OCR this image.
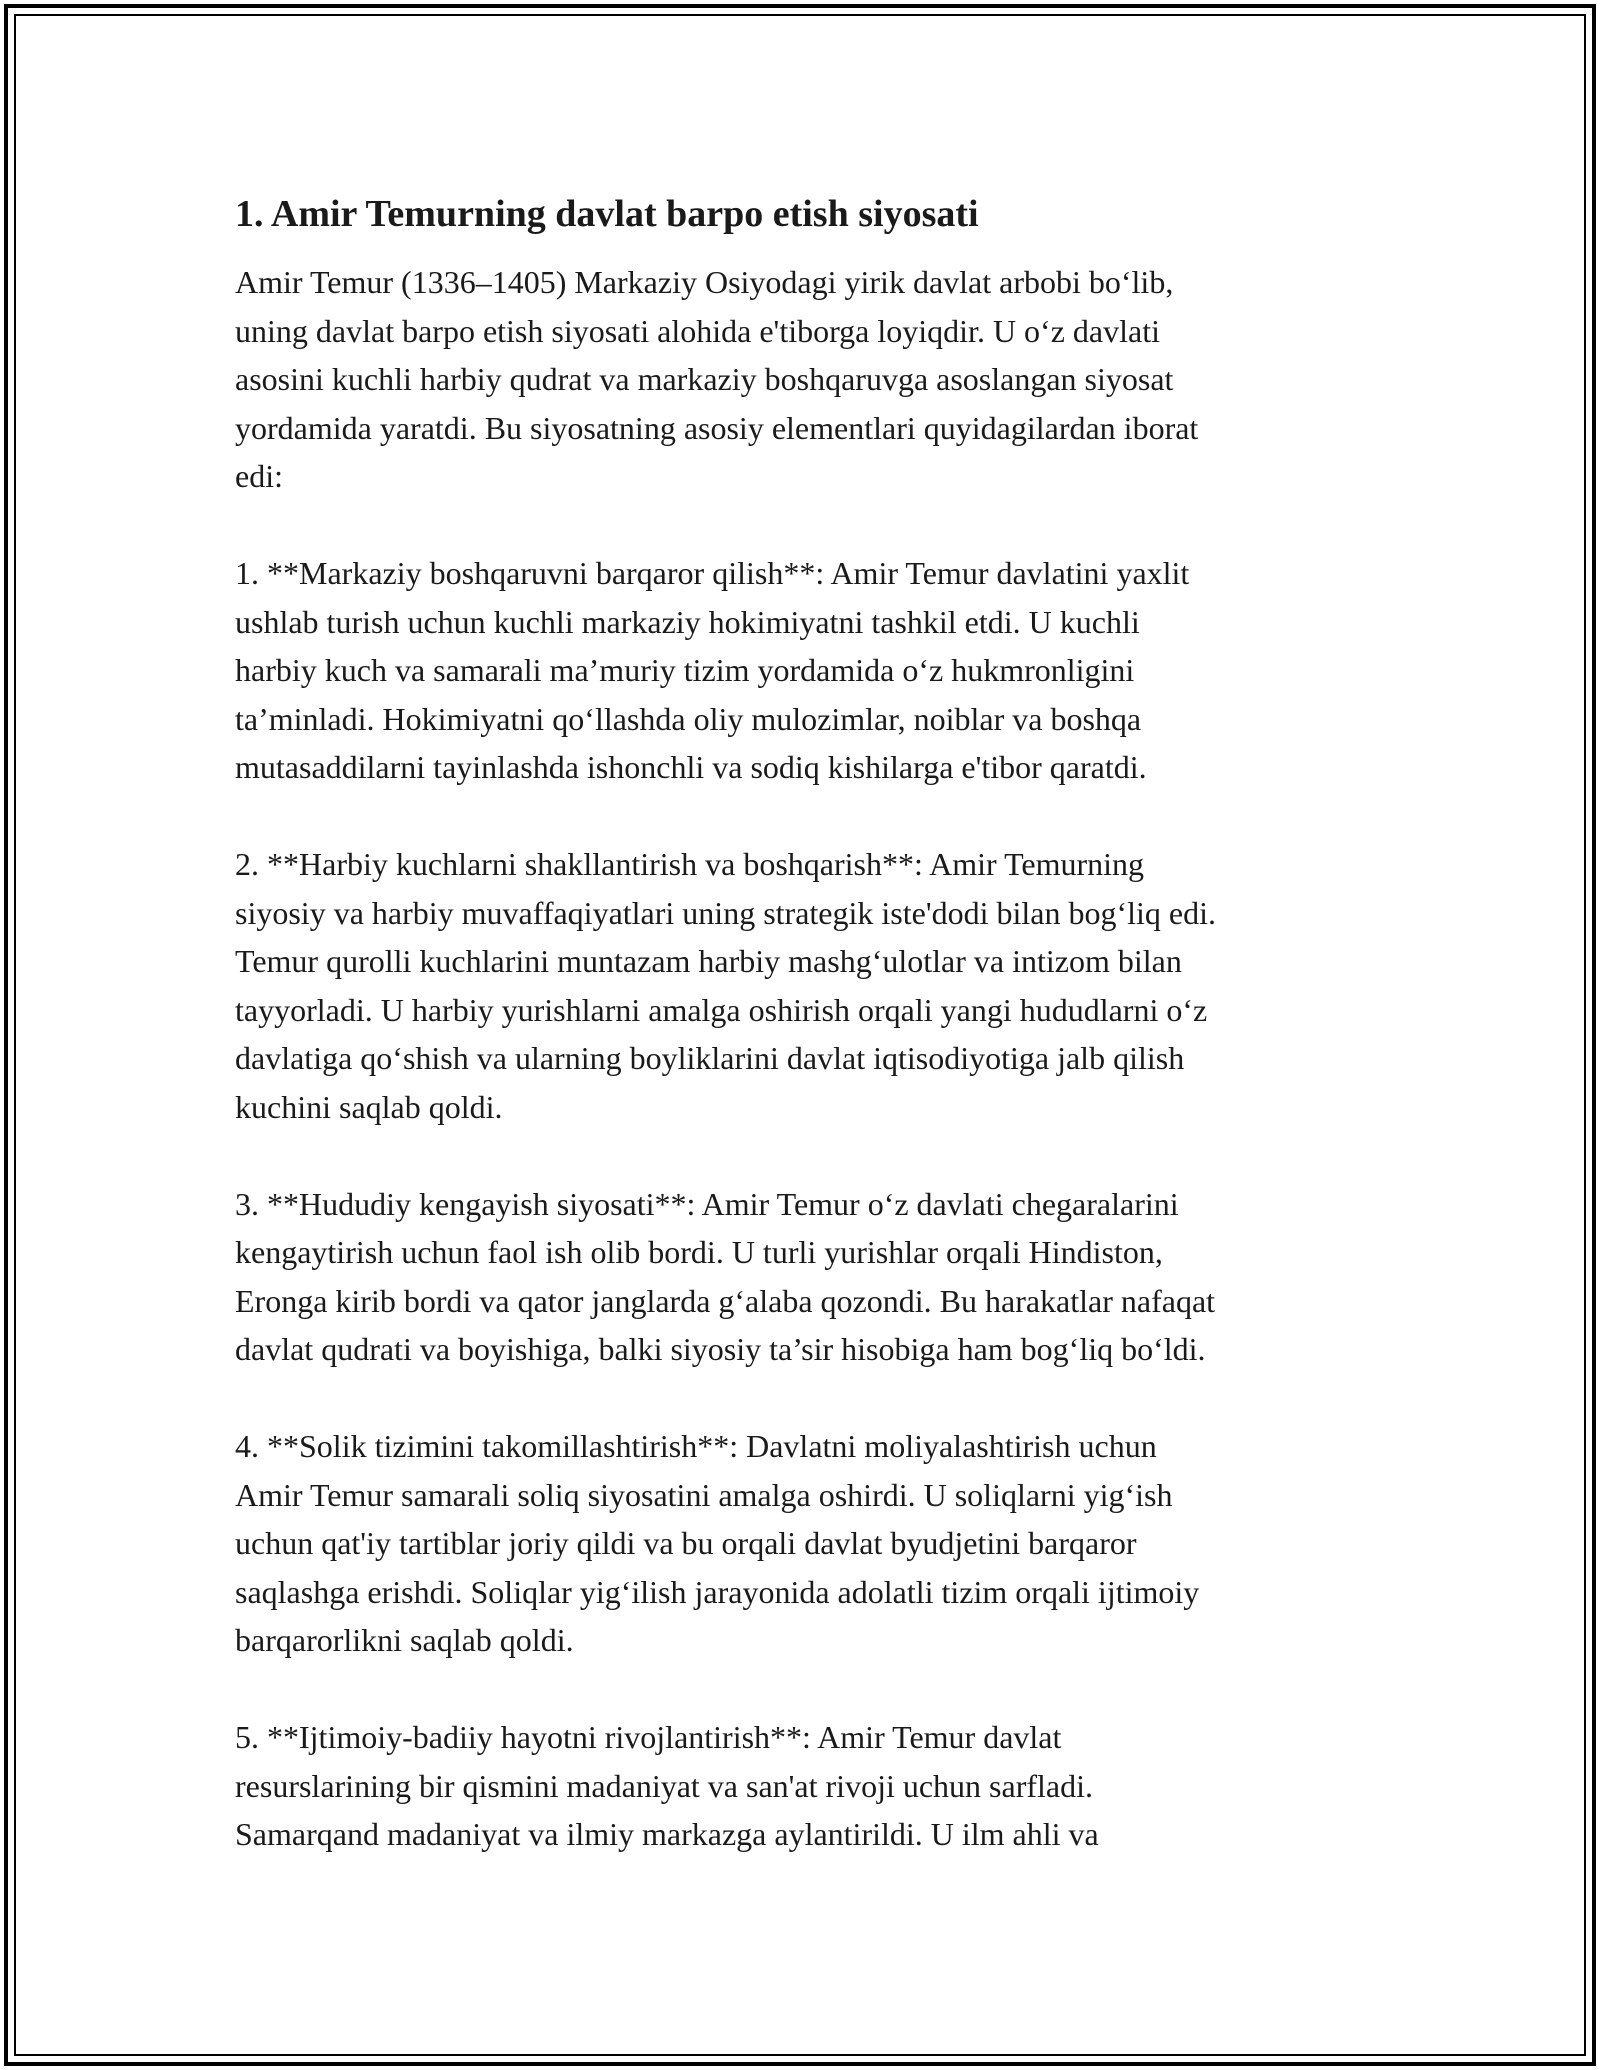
1. Amir Temurning davlat barpo etish siyosati

Amir Temur (1336–1405) Markaziy Osiyodagi yirik davlat arbobi bo‘lib,
uning davlat barpo etish siyosati alohida e'tiborga loyiqdir. U o‘z davlati
asosini kuchli harbiy qudrat va markaziy boshqaruvga asoslangan siyosat
yordamida yaratdi. Bu siyosatning asosiy elementlari quyidagilardan iborat
edi:

1. **Markaziy boshqaruvni barqaror qilish**: Amir Temur davlatini yaxlit
ushlab turish uchun kuchli markaziy hokimiyatni tashkil etdi. U kuchli
harbiy kuch va samarali ma’muriy tizim yordamida o‘z hukmronligini
ta’minladi. Hokimiyatni qo‘llashda oliy mulozimlar, noiblar va boshqa
mutasaddilarni tayinlashda ishonchli va sodiq kishilarga e'tibor qaratdi.

2. **Harbiy kuchlarni shakllantirish va boshqarish**: Amir Temurning
siyosiy va harbiy muvaffaqiyatlari uning strategik iste'dodi bilan bog‘liq edi.
Temur qurolli kuchlarini muntazam harbiy mashg‘ulotlar va intizom bilan
tayyorladi. U harbiy yurishlarni amalga oshirish orqali yangi hududlarni o‘z
davlatiga qo‘shish va ularning boyliklarini davlat iqtisodiyotiga jalb qilish
kuchini saqlab qoldi.

3. **Hududiy kengayish siyosati**: Amir Temur o‘z davlati chegaralarini
kengaytirish uchun faol ish olib bordi. U turli yurishlar orqali Hindiston,
Eronga kirib bordi va qator janglarda g‘alaba qozondi. Bu harakatlar nafaqat
davlat qudrati va boyishiga, balki siyosiy ta’sir hisobiga ham bog‘liq bo‘ldi.

4. **Solik tizimini takomillashtirish**: Davlatni moliyalashtirish uchun
Amir Temur samarali soliq siyosatini amalga oshirdi. U soliqlarni yig‘ish
uchun qat'iy tartiblar joriy qildi va bu orqali davlat byudjetini barqaror
saqlashga erishdi. Soliqlar yig‘ilish jarayonida adolatli tizim orqali ijtimoiy
barqarorlikni saqlab qoldi.

5. **Ijtimoiy-badiiy hayotni rivojlantirish**: Amir Temur davlat
resurslarining bir qismini madaniyat va san'at rivoji uchun sarfladi.
Samarqand madaniyat va ilmiy markazga aylantirildi. U ilm ahli va
